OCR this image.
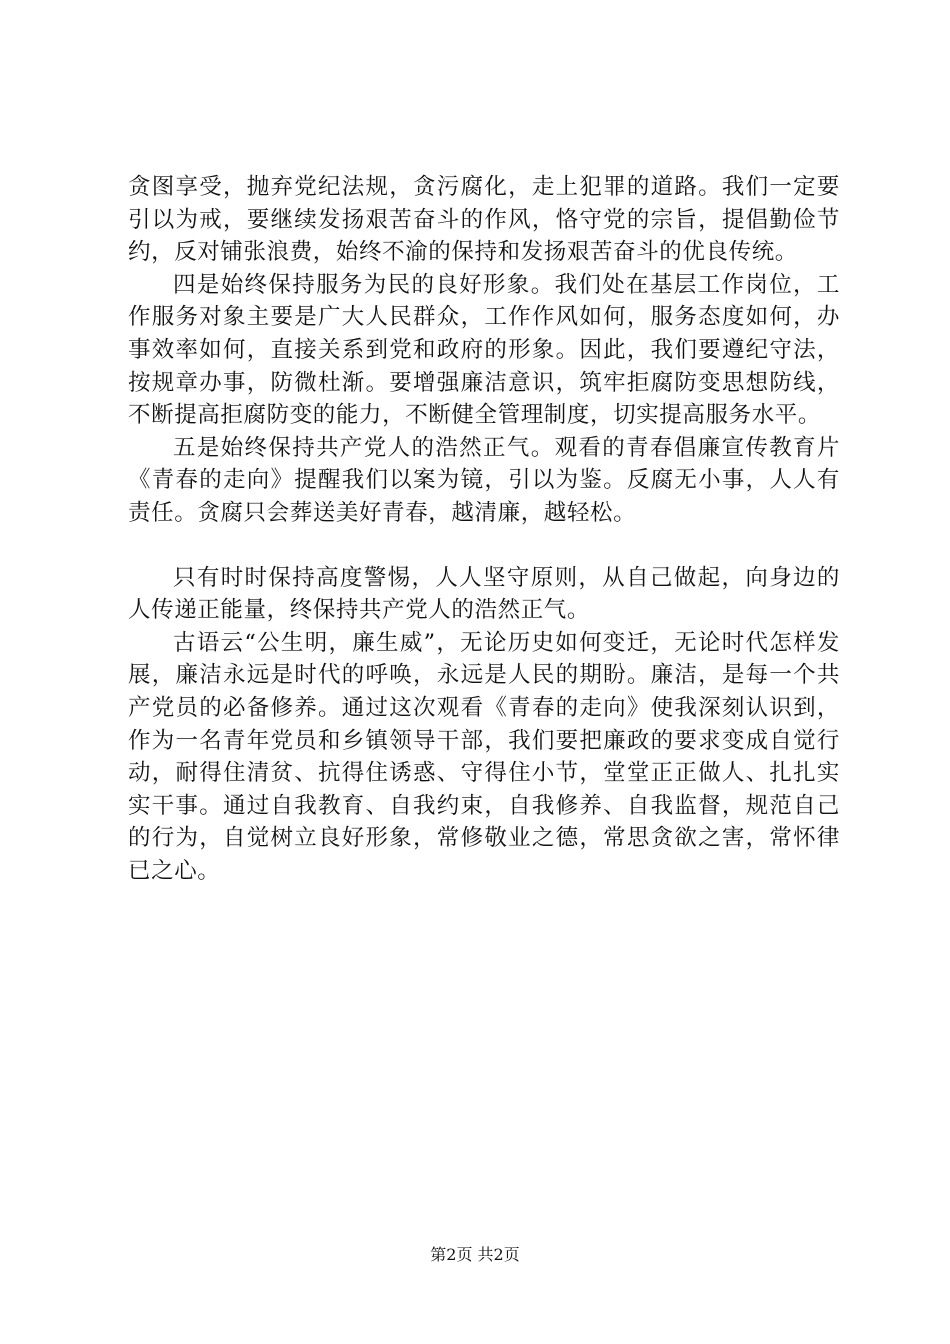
贪图享受，抛弃党纪法规，贪污腐化，走上犯罪的道路。我们一定要引以为戒，要继续发扬艰苦奋斗的作风，恪守党的宗旨，提倡勤俭节约，反对铺张浪费，始终不渝的保持和发扬艰苦奋斗的优良传统。

四是始终保持服务为民的良好形象。我们处在基层工作岗位，工作服务对象主要是广大人民群众，工作作风如何，服务态度如何，办事效率如何，直接关系到党和政府的形象。因此，我们要遵纪守法，按规章办事，防微杜渐。要增强廉洁意识，筑牢拒腐防变思想防线，不断提高拒腐防变的能力，不断健全管理制度，切实提高服务水平。

五是始终保持共产党人的浩然正气。观看的青春倡廉宣传教育片《青春的走向》提醒我们以案为镜，引以为鉴。反腐无小事，人人有责任。贪腐只会葬送美好青春，越清廉，越轻松。

只有时时保持高度警惕，人人坚守原则，从自己做起，向身边的人传递正能量，终保持共产党人的浩然正气。

古语云“公生明，廉生威”，无论历史如何变迁，无论时代怎样发展，廉洁永远是时代的呼唤，永远是人民的期盼。廉洁，是每一个共产党员的必备修养。通过这次观看《青春的走向》使我深刻认识到，作为一名青年党员和乡镇领导干部，我们要把廉政的要求变成自觉行动，耐得住清贫、抗得住诱惑、守得住小节，堂堂正正做人、扎扎实实干事。通过自我教育、自我约束，自我修养、自我监督，规范自己的行为，自觉树立良好形象，常修敬业之德，常思贪欲之害，常怀律已之心。

第2页 共2页
